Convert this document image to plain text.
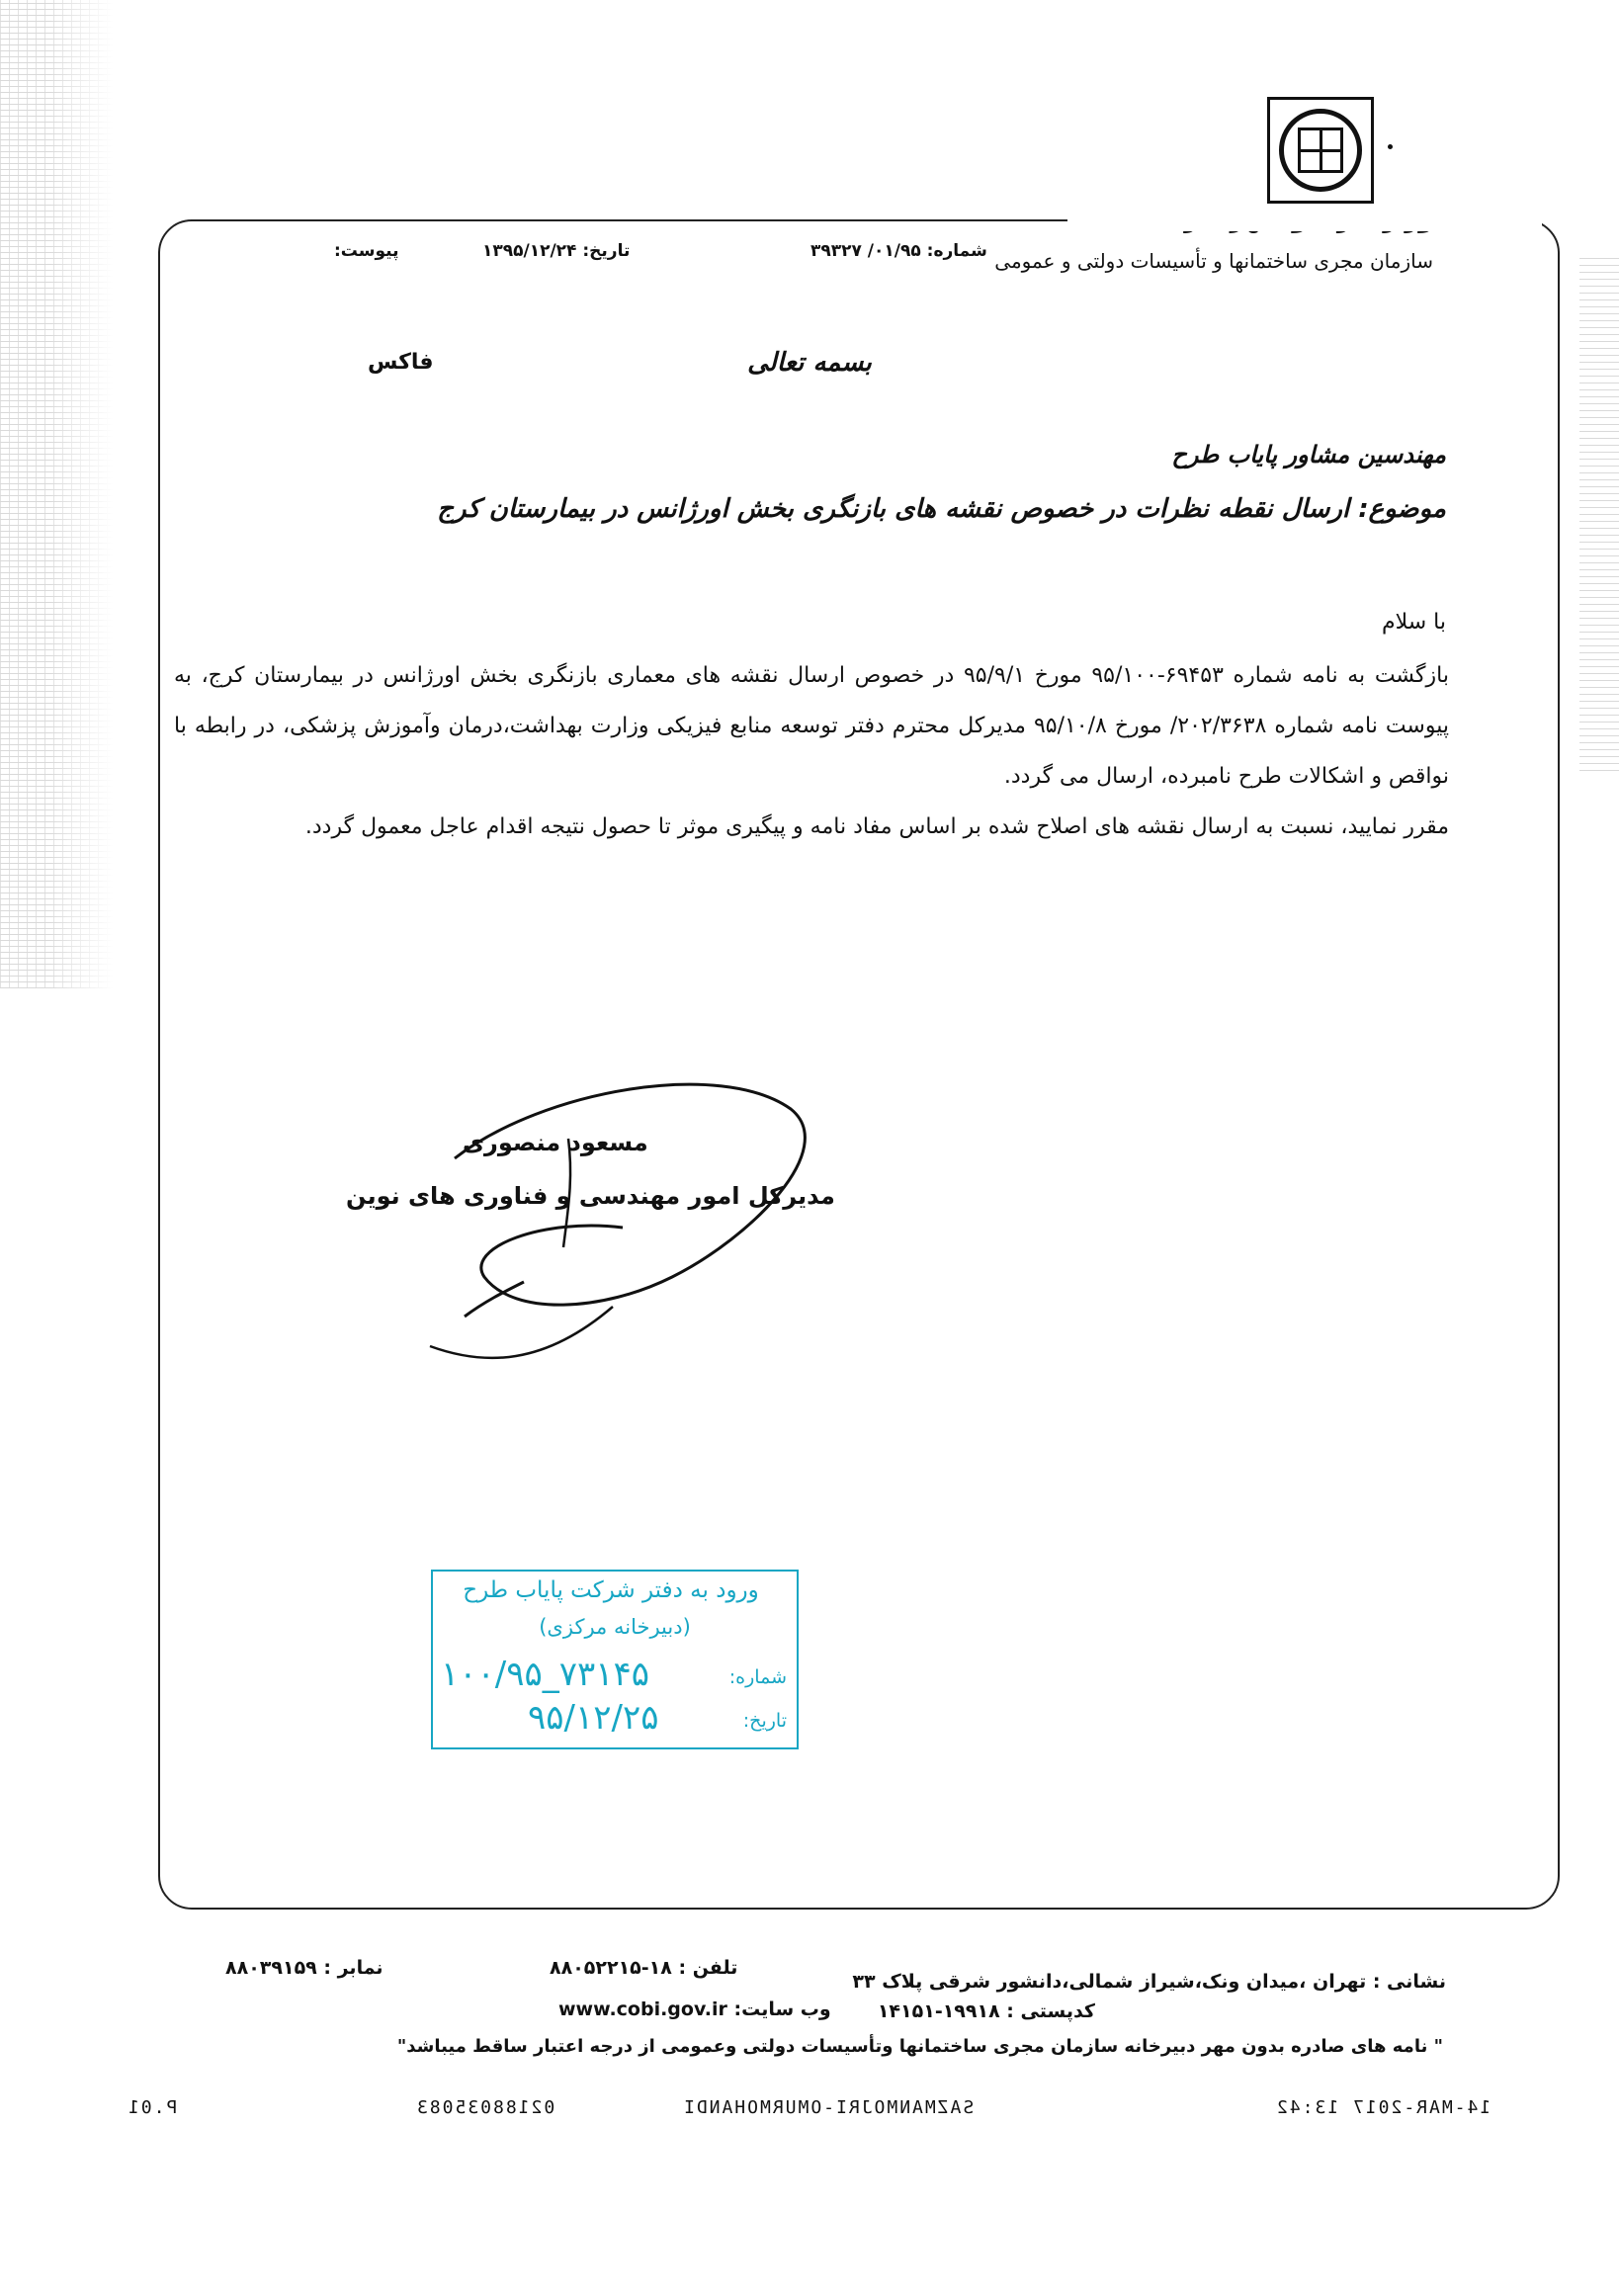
سازمان مجری ساختمانها و تأسیسات دولتی و عمومی
شماره: ۰۱/۹۵/ ۳۹۳۲۷
تاریخ: ۱۳۹۵/۱۲/۲۴
پیوست:
بسمه تعالی
فاکس
مهندسین مشاور پایاب طرح
موضوع: ارسال نقطه نظرات در خصوص نقشه های بازنگری بخش اورژانس در بیمارستان کرج
با سلام
بازگشت به نامه شماره ۶۹۴۵۳-۹۵/۱۰۰ مورخ ۹۵/۹/۱ در خصوص ارسال نقشه های معماری بازنگری بخش اورژانس در بیمارستان کرج، به پیوست نامه شماره ۲۰۲/۳۶۳۸/ مورخ ۹۵/۱۰/۸ مدیرکل محترم دفتر توسعه منابع فیزیکی وزارت بهداشت،درمان وآموزش پزشکی، در رابطه با نواقص و اشکالات طرح نامبرده، ارسال می گردد.
مقرر نمایید، نسبت به ارسال نقشه های اصلاح شده بر اساس مفاد نامه و پیگیری موثر تا حصول نتیجه اقدام عاجل معمول گردد.
مسعود منصوری
مدیرکل امور مهندسی و فناوری های نوین
ورود به دفتر شرکت پایاب طرح
(دبیرخانه مرکزی)
شماره:
۱۰۰/۹۵_۷۳۱۴۵
تاریخ:
۹۵/۱۲/۲۵
نشانی : تهران ،میدان ونک،شیراز شمالی،دانشور شرقی پلاک ۳۳
تلفن : ۱۸-۸۸۰۵۲۲۱۵
نمابر : ۸۸۰۳۹۱۵۹
کدپستی : ۱۹۹۱۸-۱۴۱۵۱
وب سایت: www.cobi.gov.ir
" نامه های صادره بدون مهر دبیرخانه سازمان مجری ساختمانها وتأسیسات دولتی وعمومی از درجه اعتبار ساقط میباشد"
14-MAR-2017 13:42
SAZMANMOJRI-OMURMOHANDI
02188035083
P.01
